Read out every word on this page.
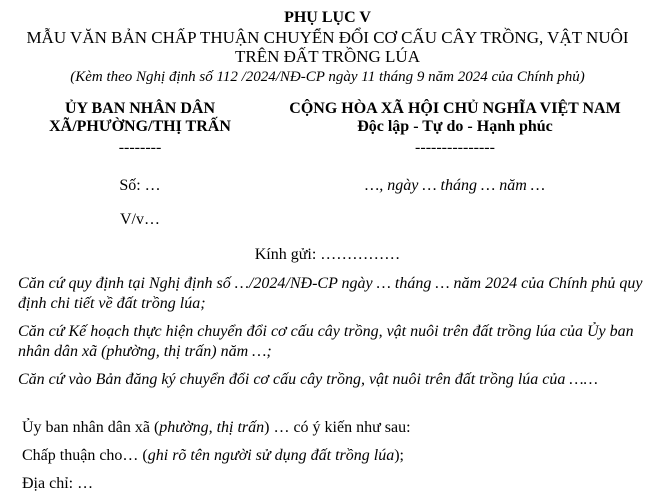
PHỤ LỤC V
MẪU VĂN BẢN CHẤP THUẬN CHUYỂN ĐỔI CƠ CẤU CÂY TRỒNG, VẬT NUÔI
TRÊN ĐẤT TRỒNG LÚA
(Kèm theo Nghị định số 112 /2024/NĐ-CP ngày 11 tháng 9 năm 2024 của Chính phủ)
ỦY BAN NHÂN DÂN
XÃ/PHƯỜNG/THỊ TRẤN
--------
Số: …
V/v…
CỘNG HÒA XÃ HỘI CHỦ NGHĨA VIỆT NAM
Độc lập - Tự do - Hạnh phúc
---------------
…, ngày … tháng … năm …
Kính gửi: ……………
Căn cứ quy định tại Nghị định số …/2024/NĐ-CP ngày … tháng … năm 2024 của Chính phủ quy định chi tiết về đất trồng lúa;
Căn cứ Kế hoạch thực hiện chuyển đổi cơ cấu cây trồng, vật nuôi trên đất trồng lúa của Ủy ban nhân dân xã (phường, thị trấn) năm …;
Căn cứ vào Bản đăng ký chuyển đổi cơ cấu cây trồng, vật nuôi trên đất trồng lúa của ……
Ủy ban nhân dân xã (phường, thị trấn) … có ý kiến như sau:
Chấp thuận cho… (ghi rõ tên người sử dụng đất trồng lúa);
Địa chỉ: …
